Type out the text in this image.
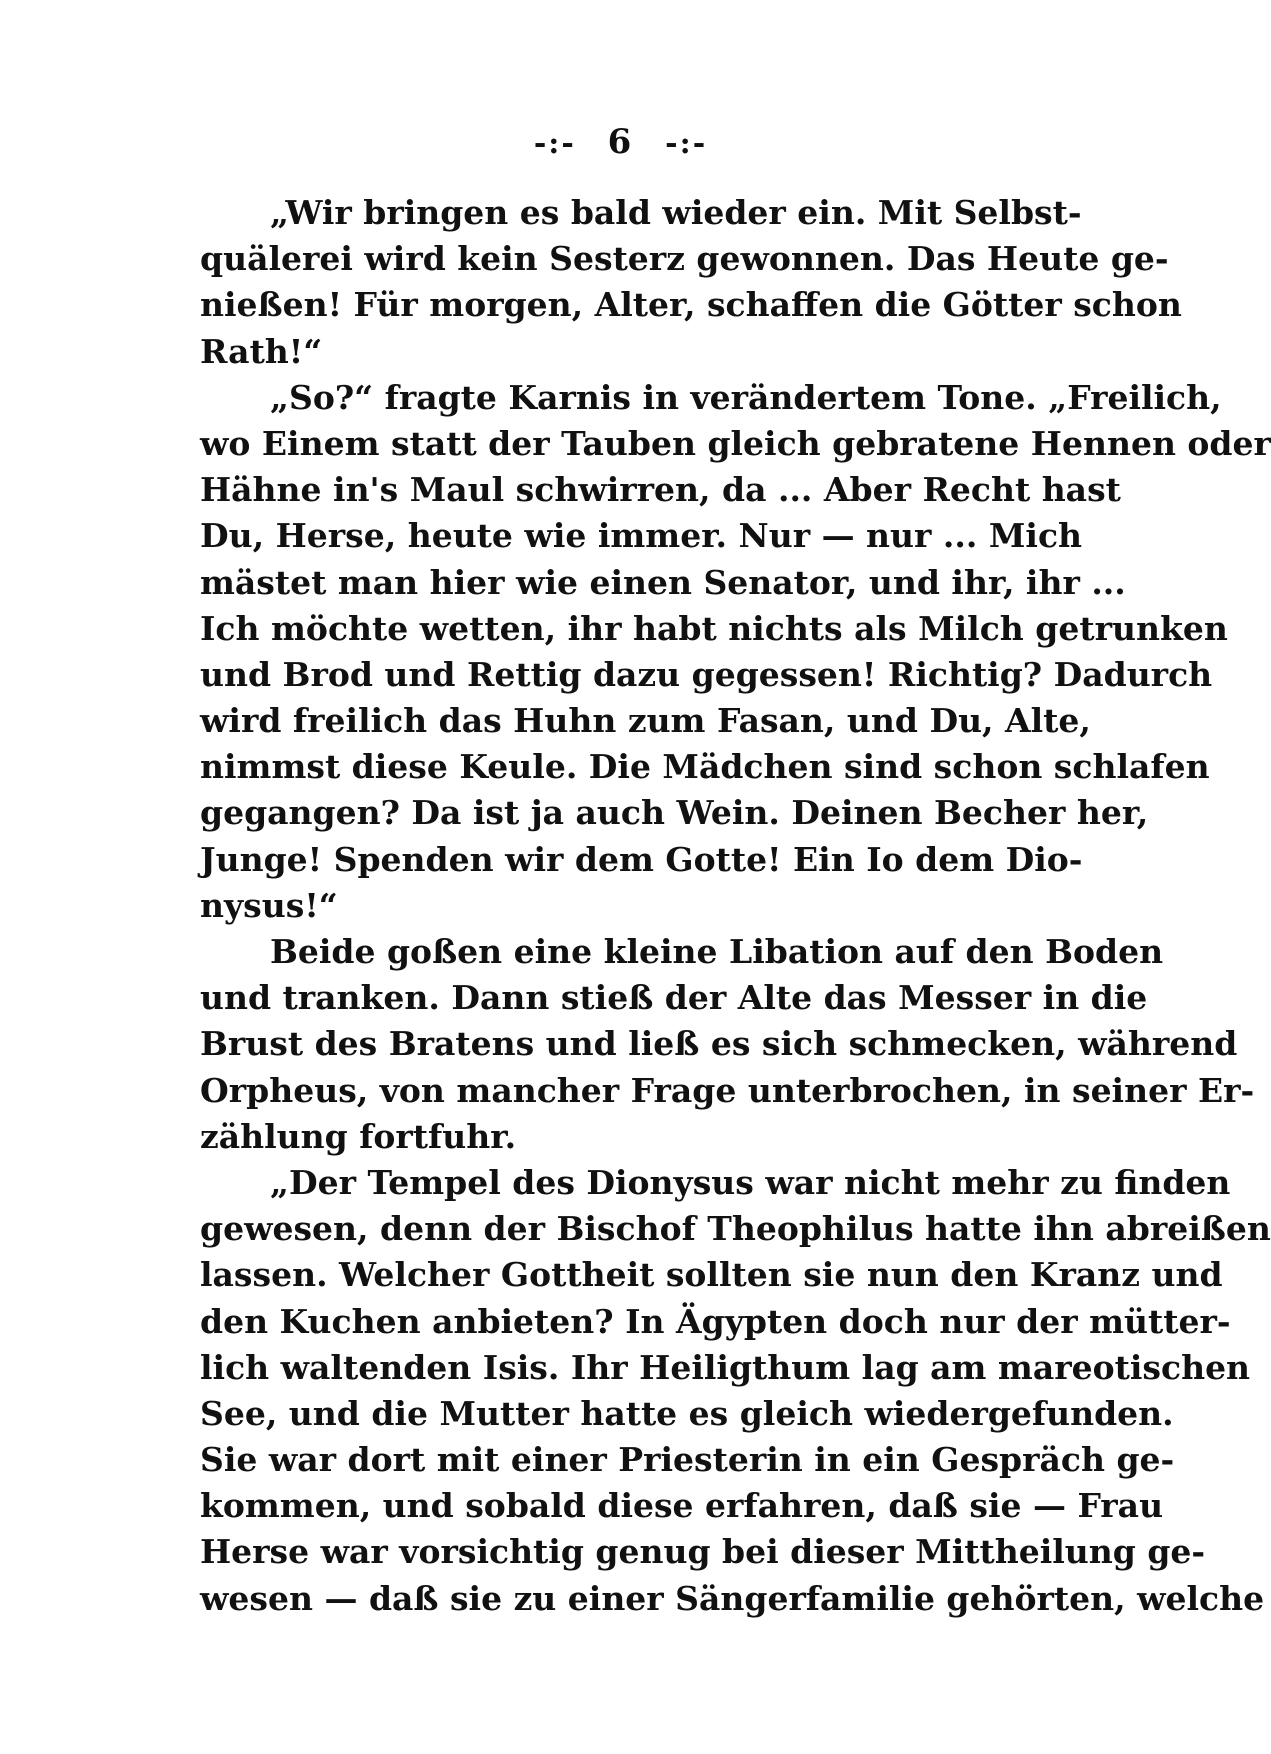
-:- 6 -:-
„Wir bringen es bald wieder ein. Mit Selbst-
quälerei wird kein Sesterz gewonnen. Das Heute ge-
nießen! Für morgen, Alter, schaffen die Götter schon
Rath!“
„So?“ fragte Karnis in verändertem Tone. „Freilich,
wo Einem statt der Tauben gleich gebratene Hennen oder
Hähne in's Maul schwirren, da ... Aber Recht hast
Du, Herse, heute wie immer. Nur — nur ... Mich
mästet man hier wie einen Senator, und ihr, ihr ...
Ich möchte wetten, ihr habt nichts als Milch getrunken
und Brod und Rettig dazu gegessen! Richtig? Dadurch
wird freilich das Huhn zum Fasan, und Du, Alte,
nimmst diese Keule. Die Mädchen sind schon schlafen
gegangen? Da ist ja auch Wein. Deinen Becher her,
Junge! Spenden wir dem Gotte! Ein Io dem Dio-
nysus!“
Beide goßen eine kleine Libation auf den Boden
und tranken. Dann stieß der Alte das Messer in die
Brust des Bratens und ließ es sich schmecken, während
Orpheus, von mancher Frage unterbrochen, in seiner Er-
zählung fortfuhr.
„Der Tempel des Dionysus war nicht mehr zu finden
gewesen, denn der Bischof Theophilus hatte ihn abreißen
lassen. Welcher Gottheit sollten sie nun den Kranz und
den Kuchen anbieten? In Ägypten doch nur der mütter-
lich waltenden Isis. Ihr Heiligthum lag am mareotischen
See, und die Mutter hatte es gleich wiedergefunden.
Sie war dort mit einer Priesterin in ein Gespräch ge-
kommen, und sobald diese erfahren, daß sie — Frau
Herse war vorsichtig genug bei dieser Mittheilung ge-
wesen — daß sie zu einer Sängerfamilie gehörten, welche
